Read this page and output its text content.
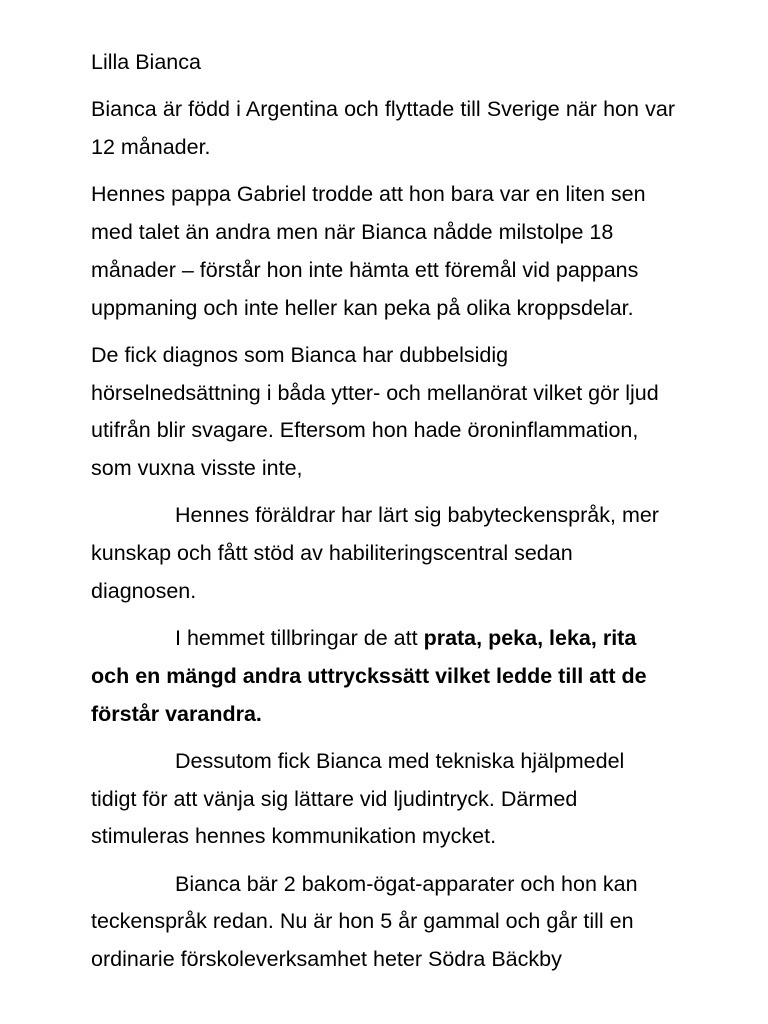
Lilla Bianca

Bianca är född i Argentina och flyttade till Sverige när hon var 12 månader.

Hennes pappa Gabriel trodde att hon bara var en liten sen med talet än andra men när Bianca nådde milstolpe 18 månader – förstår hon inte hämta ett föremål vid pappans uppmaning och inte heller kan peka på olika kroppsdelar.

De fick diagnos som Bianca har dubbelsidig hörselnedsättning i båda ytter- och mellanörat vilket gör ljud utifrån blir svagare. Eftersom hon hade öroninflammation, som vuxna visste inte,

Hennes föräldrar har lärt sig babyteckenspråk, mer kunskap och fått stöd av habiliteringscentral sedan diagnosen.

I hemmet tillbringar de att prata, peka, leka, rita och en mängd andra uttryckssätt vilket ledde till att de förstår varandra.

Dessutom fick Bianca med tekniska hjälpmedel tidigt för att vänja sig lättare vid ljudintryck. Därmed stimuleras hennes kommunikation mycket.

Bianca bär 2 bakom-ögat-apparater och hon kan teckenspråk redan. Nu är hon 5 år gammal och går till en ordinarie förskoleverksamhet heter Södra Bäckby
